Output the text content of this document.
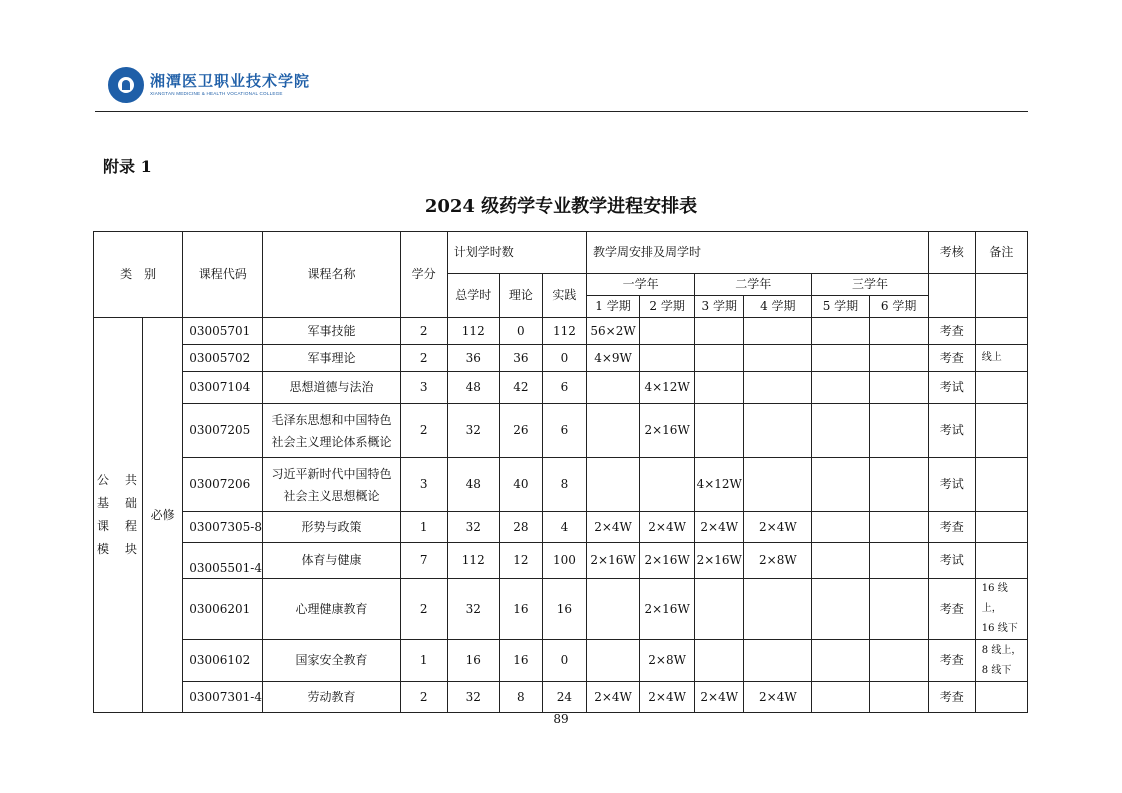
湘潭医卫职业技术学院
XIANGTAN MEDICINE & HEALTH VOCATIONAL COLLEGE
附录 1
2024 级药学专业教学进程安排表
类　别		课程代码	课程名称	学分	计划学时数			教学周安排及周学时						考核	备注
					总学时	理论	实践	一学年		二学年		三学年			
								1 学期	2 学期	3 学期	4 学期	5 学期	6 学期		

公　共
基　础
课　程
模　块	必修	03005701	军事技能	2	112	0	112	56×2W						考查	
		03005702	军事理论	2	36	36	0	4×9W						考查	线上

		03007104	思想道德与法治	3	48	42	6		4×12W					考试	
		03007205	毛泽东思想和中国特色
社会主义理论体系概论	2	32	26	6		2×16W					考试	
		03007206	习近平新时代中国特色
社会主义思想概论	3	48	40	8			4×12W				考试	
		03007305-8	形势与政策	1	32	28	4	2×4W	2×4W	2×4W	2×4W			考查	
		03005501-4	体育与健康	7	112	12	100	2×16W	2×16W	2×16W	2×8W			考试	
		03006201	心理健康教育	2	32	16	16		2×16W					考查	16 线上，
16 线下

		03006102	国家安全教育	1	16	16	0		2×8W					考查	8 线上，
8 线下

		03007301-4	劳动教育	2	32	8	24	2×4W	2×4W	2×4W	2×4W			考查	
89
